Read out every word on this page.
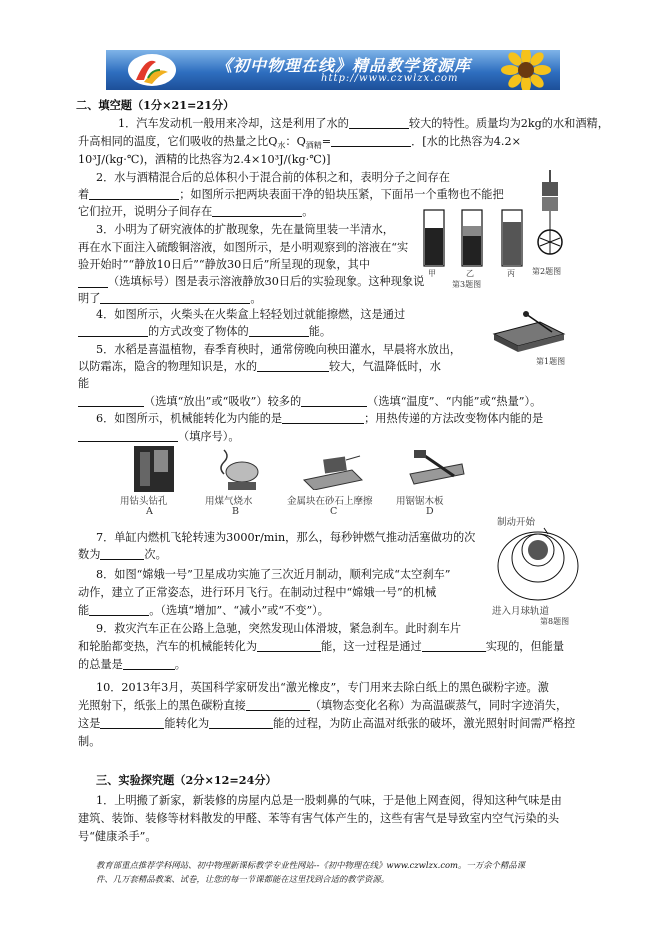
《初中物理在线》精品教学资源库
http://www.czwlzx.com
二、填空题（1分×21=21分）
1．汽车发动机一般用来冷却，这是利用了水的	较大的特性。质量均为2kg的水和酒精，
升高相同的温度，它们吸收的热量之比$Q_水$：$Q_{酒精}=$	．[水的比热容为4.2×
10³J/(kg·℃)，酒精的比热容为2.4×10³J/(kg·℃)]
2．水与酒精混合后的总体积小于混合前的体积之和，表明分子之间存在
着	；如图所示把两块表面干净的铅块压紧，下面吊一个重物也不能把
它们拉开，说明分子间存在	。
第2题图
3．小明为了研究液体的扩散现象，先在量筒里装一半清水，
再在水下面注入硫酸铜溶液，如图所示，是小明观察到的溶液在“实
验开始时”“静放10日后”“静放30日后”所呈现的现象，其中
（选填标号）图是表示溶液静放30日后的实验现象。这种现象说
明了	。
甲	乙	丙
第3题图
4．如图所示，火柴头在火柴盒上轻轻划过就能擦燃，这是通过
的方式改变了物体的	能。
第1题图
5．水稻是喜温植物，春季育秧时，通常傍晚向秧田灌水，早晨将水放出，
以防霜冻，隐含的物理知识是，水的	较大，气温降低时，水
能
（选填“放出”或“吸收”）较多的	（选填“温度”、“内能”或“热量”）。
6．如图所示，机械能转化为内能的是	；用热传递的方法改变物体内能的是
（填序号）。
用钻头钻孔
A
用煤气烧水
B
金属块在砂石上摩擦
C
用锯锯木板
D
7．单缸内燃机飞轮转速为3000r/min，那么，每秒钟燃气推动活塞做功的次
数为	次。
制动开始
进入月球轨道
第8题图
8．如图“嫦娥一号”卫星成功实施了三次近月制动，顺利完成“太空刹车”
动作，建立了正常姿态，进行环月飞行。在制动过程中“嫦娥一号”的机械
能	。（选填“增加”、“减小”或“不变”）。
9．救灾汽车正在公路上急驰，突然发现山体滑坡，紧急刹车。此时刹车片
和轮胎都变热，汽车的机械能转化为	能，这一过程是通过	实现的，但能量
的总量是	。
10．2013年3月，英国科学家研发出“激光橡皮”，专门用来去除白纸上的黑色碳粉字迹。激
光照射下，纸张上的黑色碳粉直接	（填物态变化名称）为高温碳蒸气，同时字迹消失，
这是	能转化为	能的过程，为防止高温对纸张的破坏，激光照射时间需严格控
制。
三、实验探究题（2分×12=24分）
1．上明搬了新家，新装修的房屋内总是一股刺鼻的气味，于是他上网查阅，得知这种气味是由
建筑、装饰、装修等材料散发的甲醛、苯等有害气体产生的，这些有害气是导致室内空气污染的头
号“健康杀手”。
教育部重点推荐学科网站、初中物理新课标教学专业性网站--《初中物理在线》www.czwlzx.com。一万余个精品课
件、几万套精品教案、试卷，让您的每一节课都能在这里找到合适的教学资源。
